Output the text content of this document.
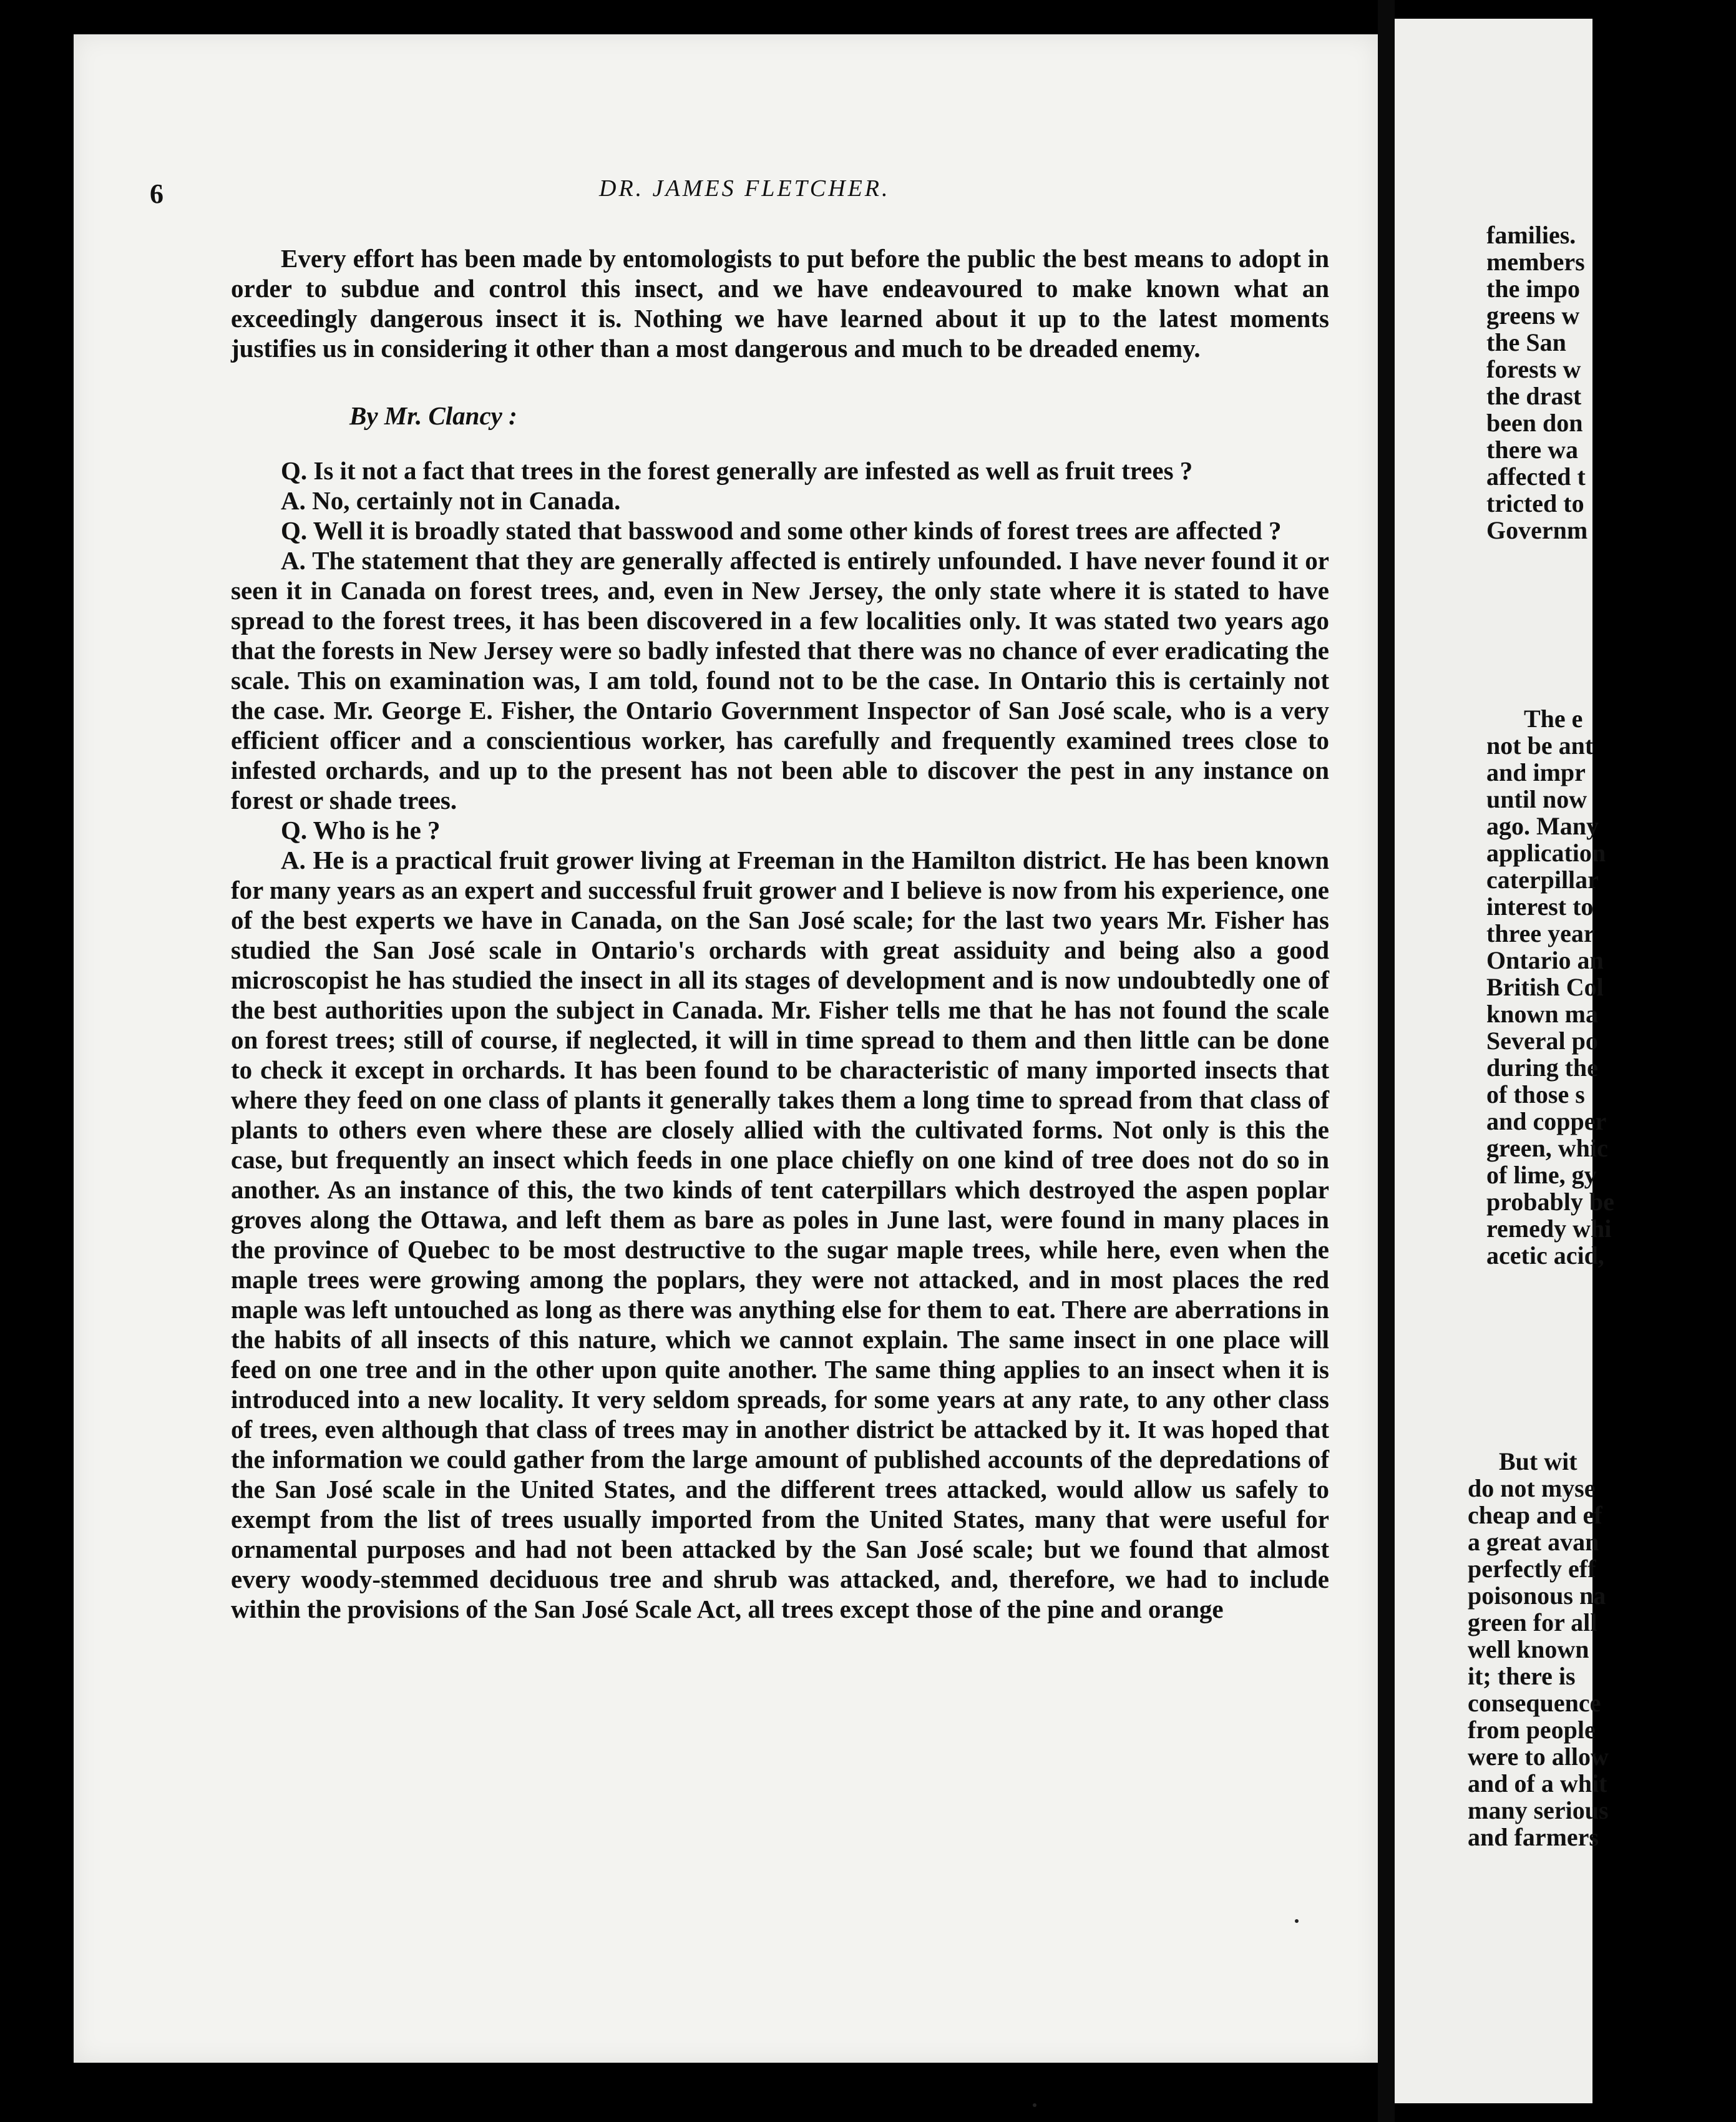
6	DR. JAMES FLETCHER.

Every effort has been made by entomologists to put before the public the best means to adopt in order to subdue and control this insect, and we have endeavoured to make known what an exceedingly dangerous insect it is. Nothing we have learned about it up to the latest moments justifies us in considering it other than a most dangerous and much to be dreaded enemy.

By Mr. Clancy :

Q. Is it not a fact that trees in the forest generally are infested as well as fruit trees ?

A. No, certainly not in Canada.

Q. Well it is broadly stated that basswood and some other kinds of forest trees are affected ?

A. The statement that they are generally affected is entirely unfounded. I have never found it or seen it in Canada on forest trees, and, even in New Jersey, the only state where it is stated to have spread to the forest trees, it has been discovered in a few localities only. It was stated two years ago that the forests in New Jersey were so badly infested that there was no chance of ever eradicating the scale. This on examination was, I am told, found not to be the case. In Ontario this is certainly not the case. Mr. George E. Fisher, the Ontario Government Inspector of San José scale, who is a very efficient officer and a conscientious worker, has carefully and frequently examined trees close to infested orchards, and up to the present has not been able to discover the pest in any instance on forest or shade trees.

Q. Who is he ?

A. He is a practical fruit grower living at Freeman in the Hamilton district. He has been known for many years as an expert and successful fruit grower and I believe is now from his experience, one of the best experts we have in Canada, on the San José scale; for the last two years Mr. Fisher has studied the San José scale in Ontario's orchards with great assiduity and being also a good microscopist he has studied the insect in all its stages of development and is now undoubtedly one of the best authorities upon the subject in Canada. Mr. Fisher tells me that he has not found the scale on forest trees; still of course, if neglected, it will in time spread to them and then little can be done to check it except in orchards. It has been found to be characteristic of many imported insects that where they feed on one class of plants it generally takes them a long time to spread from that class of plants to others even where these are closely allied with the cultivated forms. Not only is this the case, but frequently an insect which feeds in one place chiefly on one kind of tree does not do so in another. As an instance of this, the two kinds of tent caterpillars which destroyed the aspen poplar groves along the Ottawa, and left them as bare as poles in June last, were found in many places in the province of Quebec to be most destructive to the sugar maple trees, while here, even when the maple trees were growing among the poplars, they were not attacked, and in most places the red maple was left untouched as long as there was anything else for them to eat. There are aberrations in the habits of all insects of this nature, which we cannot explain. The same insect in one place will feed on one tree and in the other upon quite another. The same thing applies to an insect when it is introduced into a new locality. It very seldom spreads, for some years at any rate, to any other class of trees, even although that class of trees may in another district be attacked by it. It was hoped that the information we could gather from the large amount of published accounts of the depredations of the San José scale in the United States, and the different trees attacked, would allow us safely to exempt from the list of trees usually imported from the United States, many that were useful for ornamental purposes and had not been attacked by the San José scale; but we found that almost every woody-stemmed deciduous tree and shrub was attacked, and, therefore, we had to include within the provisions of the San José Scale Act, all trees except those of the pine and orange

families.
members
the impo
greens w
the San
forests w
the drast
been don
there wa
affected t
tricted to
Governm
The e
not be ant
and impr
until now
ago. Many
application
caterpillar
interest to
three year
Ontario an
British Col
known ma
Several po
during the
of those s
and copper
green, whic
of lime, gy
probably be
remedy whi
acetic acid,
But wit
do not myse
cheap and ef
a great avan
perfectly eff
poisonous na
green for all
well known
it; there is
consequence
from people
were to allow
and of a whit
many serious
and farmers
